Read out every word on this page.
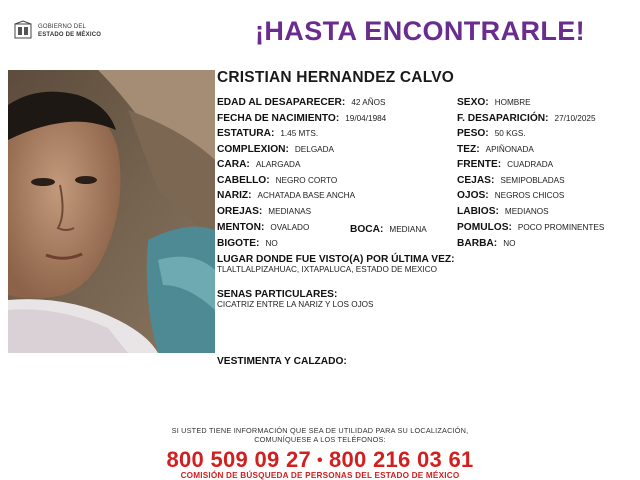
GOBIERNO DEL
ESTADO DE MÉXICO	¡HASTA ENCONTRARLE!
CRISTIAN HERNANDEZ CALVO
EDAD AL DESAPARECER: 42 AÑOS
FECHA DE NACIMIENTO: 19/04/1984
ESTATURA: 1.45 MTS.
COMPLEXION: DELGADA
CARA: ALARGADA
CABELLO: NEGRO CORTO
NARIZ: ACHATADA BASE ANCHA
OREJAS: MEDIANAS
MENTON: OVALADO	BOCA: MEDIANA
BIGOTE: NO
SEXO: HOMBRE
F. DESAPARICIÓN: 27/10/2025
PESO: 50 KGS.
TEZ: APIÑONADA
FRENTE: CUADRADA
CEJAS: SEMIPOBLADAS
OJOS: NEGROS CHICOS
LABIOS: MEDIANOS
POMULOS: POCO PROMINENTES
BARBA: NO
LUGAR DONDE FUE VISTO(A) POR ÚLTIMA VEZ:
TLALTLALPIZAHUAC, IXTAPALUCA, ESTADO DE MEXICO
SENAS PARTICULARES:
CICATRIZ ENTRE LA NARIZ Y LOS OJOS
VESTIMENTA Y CALZADO:
SI USTED TIENE INFORMACIÓN QUE SEA DE UTILIDAD PARA SU LOCALIZACIÓN,
COMUNÍQUESE A LOS TELÉFONOS:
800 509 09 27 • 800 216 03 61
COMISIÓN DE BÚSQUEDA DE PERSONAS DEL ESTADO DE MÉXICO
